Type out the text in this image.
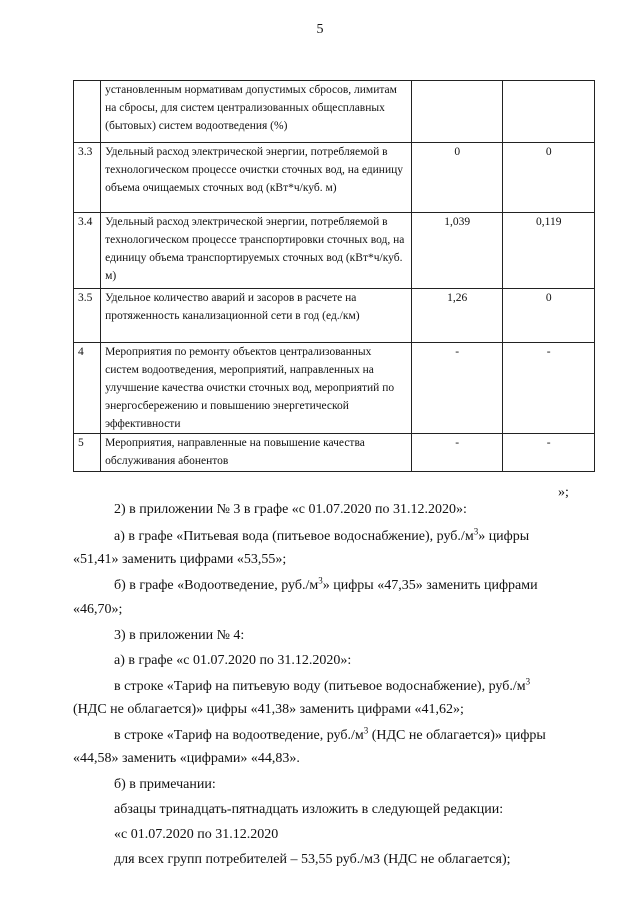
5
	установленным нормативам допустимых сбросов, лимитам на сбросы, для систем централизованных общесплавных (бытовых) систем водоотведения (%)		
3.3	Удельный расход электрической энергии, потребляемой в технологическом процессе очистки сточных вод, на единицу объема очищаемых сточных вод (кВт*ч/куб. м)	0	0
3.4	Удельный расход электрической энергии, потребляемой в технологическом процессе транспортировки сточных вод, на единицу объема транспортируемых сточных вод (кВт*ч/куб. м)	1,039	0,119
3.5	Удельное количество аварий и засоров в расчете на протяженность канализационной сети в год (ед./км)	1,26	0
4	Мероприятия по ремонту объектов централизованных систем водоотведения, мероприятий, направленных на улучшение качества очистки сточных вод, мероприятий по энергосбережению и повышению энергетической эффективности	-	-
5	Мероприятия, направленные на повышение качества обслуживания абонентов	-	-
»;
2) в приложении № 3 в графе «с 01.07.2020 по 31.12.2020»:
а) в графе «Питьевая вода (питьевое водоснабжение), $руб./м^3$» цифры
«51,41» заменить цифрами «53,55»;
б) в графе «Водоотведение, $руб./м^3$» цифры «47,35» заменить цифрами
«46,70»;
3) в приложении № 4:
а) в графе «с 01.07.2020 по 31.12.2020»:
в строке «Тариф на питьевую воду (питьевое водоснабжение), $руб./м^3$
(НДС не облагается)» цифры «41,38» заменить цифрами «41,62»;
в строке «Тариф на водоотведение, $руб./м^3$ (НДС не облагается)» цифры
«44,58» заменить «цифрами» «44,83».
б) в примечании:
абзацы тринадцать-пятнадцать изложить в следующей редакции:
«с 01.07.2020 по 31.12.2020
для всех групп потребителей – 53,55 руб./м3 (НДС не облагается);
